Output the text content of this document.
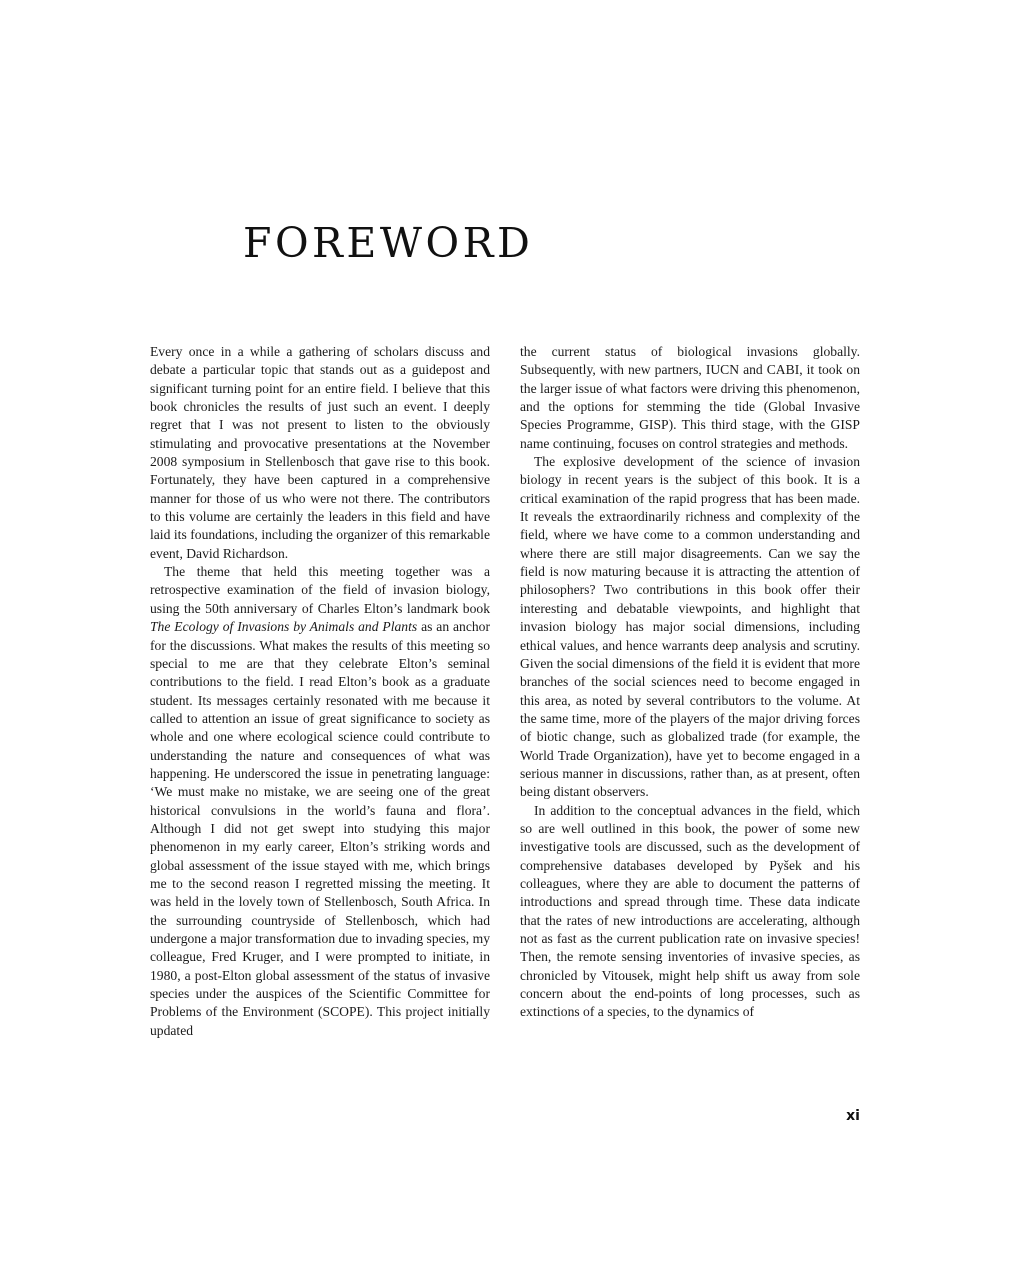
FOREWORD

Every once in a while a gathering of scholars discuss and debate a particular topic that stands out as a guidepost and significant turning point for an entire field. I believe that this book chronicles the results of just such an event. I deeply regret that I was not present to listen to the obviously stimulating and provocative presentations at the November 2008 symposium in Stellenbosch that gave rise to this book. Fortunately, they have been captured in a comprehensive manner for those of us who were not there. The contributors to this volume are certainly the leaders in this field and have laid its foundations, including the organizer of this remarkable event, David Richardson.

The theme that held this meeting together was a retrospective examination of the field of invasion biology, using the 50th anniversary of Charles Elton’s landmark book The Ecology of Invasions by Animals and Plants as an anchor for the discussions. What makes the results of this meeting so special to me are that they celebrate Elton’s seminal contributions to the field. I read Elton’s book as a graduate student. Its messages certainly resonated with me because it called to attention an issue of great significance to society as whole and one where ecological science could contribute to understanding the nature and consequences of what was happening. He underscored the issue in penetrating language: ‘We must make no mistake, we are seeing one of the great historical convulsions in the world’s fauna and flora’. Although I did not get swept into studying this major phenomenon in my early career, Elton’s striking words and global assessment of the issue stayed with me, which brings me to the second reason I regretted missing the meeting. It was held in the lovely town of Stellenbosch, South Africa. In the surrounding countryside of Stellenbosch, which had undergone a major transformation due to invading species, my colleague, Fred Kruger, and I were prompted to initiate, in 1980, a post-Elton global assessment of the status of invasive species under the auspices of the Scientific Committee for Problems of the Environment (SCOPE). This project initially updated

the current status of biological invasions globally. Subsequently, with new partners, IUCN and CABI, it took on the larger issue of what factors were driving this phenomenon, and the options for stemming the tide (Global Invasive Species Programme, GISP). This third stage, with the GISP name continuing, focuses on control strategies and methods.

The explosive development of the science of invasion biology in recent years is the subject of this book. It is a critical examination of the rapid progress that has been made. It reveals the extraordinarily richness and complexity of the field, where we have come to a common understanding and where there are still major disagreements. Can we say the field is now maturing because it is attracting the attention of philosophers? Two contributions in this book offer their interesting and debatable viewpoints, and highlight that invasion biology has major social dimensions, including ethical values, and hence warrants deep analysis and scrutiny. Given the social dimensions of the field it is evident that more branches of the social sciences need to become engaged in this area, as noted by several contributors to the volume. At the same time, more of the players of the major driving forces of biotic change, such as globalized trade (for example, the World Trade Organization), have yet to become engaged in a serious manner in discussions, rather than, as at present, often being distant observers.

In addition to the conceptual advances in the field, which so are well outlined in this book, the power of some new investigative tools are discussed, such as the development of comprehensive databases developed by Pyšek and his colleagues, where they are able to document the patterns of introductions and spread through time. These data indicate that the rates of new introductions are accelerating, although not as fast as the current publication rate on invasive species! Then, the remote sensing inventories of invasive species, as chronicled by Vitousek, might help shift us away from sole concern about the end-points of long processes, such as extinctions of a species, to the dynamics of

xi
